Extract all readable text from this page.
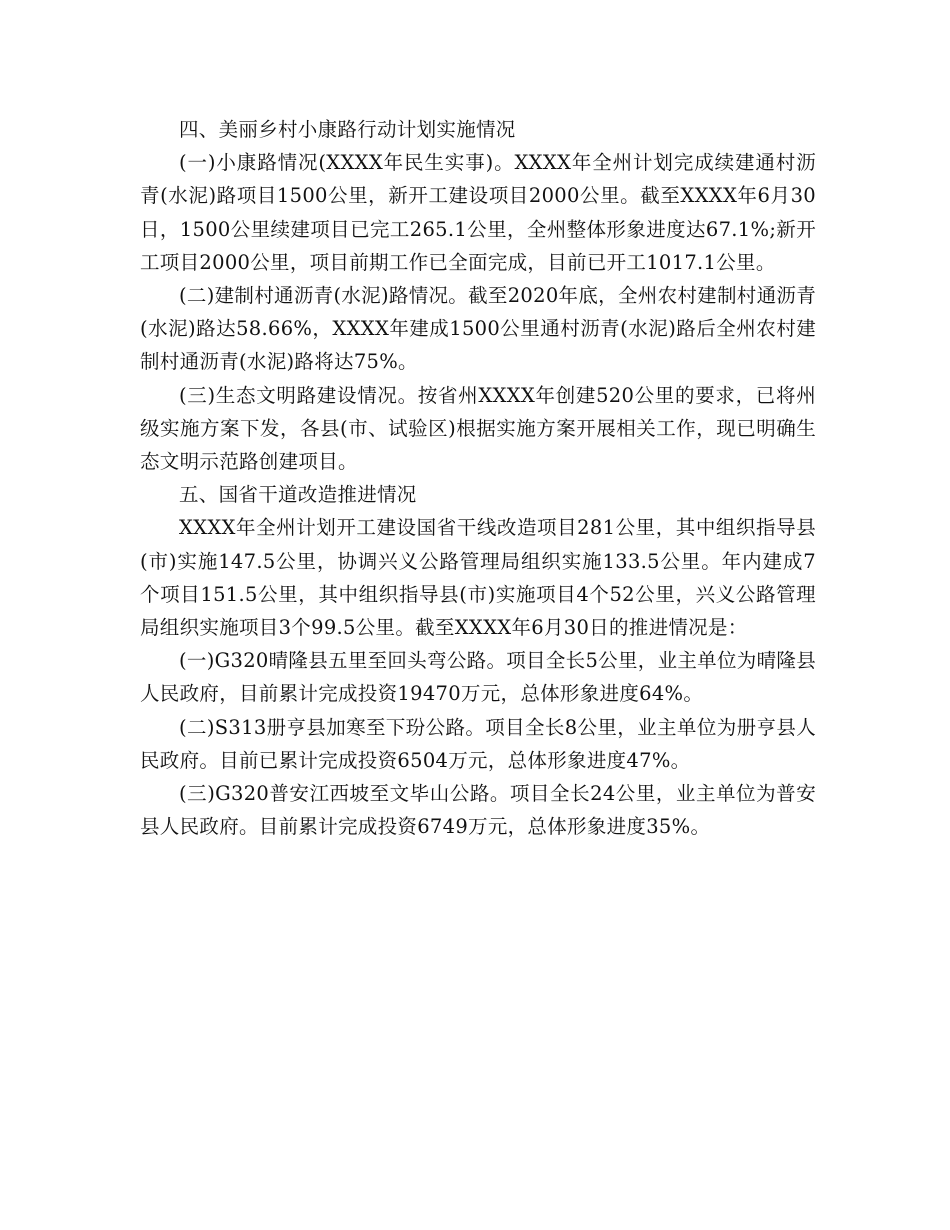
四、美丽乡村小康路行动计划实施情况

(一)小康路情况(XXXX年民生实事)。XXXX年全州计划完成续建通村沥青(水泥)路项目1500公里，新开工建设项目2000公里。截至XXXX年6月30日，1500公里续建项目已完工265.1公里，全州整体形象进度达67.1%;新开工项目2000公里，项目前期工作已全面完成，目前已开工1017.1公里。

(二)建制村通沥青(水泥)路情况。截至2020年底，全州农村建制村通沥青(水泥)路达58.66%，XXXX年建成1500公里通村沥青(水泥)路后全州农村建制村通沥青(水泥)路将达75%。

(三)生态文明路建设情况。按省州XXXX年创建520公里的要求，已将州级实施方案下发，各县(市、试验区)根据实施方案开展相关工作，现已明确生态文明示范路创建项目。

五、国省干道改造推进情况

XXXX年全州计划开工建设国省干线改造项目281公里，其中组织指导县(市)实施147.5公里，协调兴义公路管理局组织实施133.5公里。年内建成7个项目151.5公里，其中组织指导县(市)实施项目4个52公里，兴义公路管理局组织实施项目3个99.5公里。截至XXXX年6月30日的推进情况是：

(一)G320晴隆县五里至回头弯公路。项目全长5公里，业主单位为晴隆县人民政府，目前累计完成投资19470万元，总体形象进度64%。

(二)S313册亨县加寒至下玢公路。项目全长8公里，业主单位为册亨县人民政府。目前已累计完成投资6504万元，总体形象进度47%。

(三)G320普安江西坡至文毕山公路。项目全长24公里，业主单位为普安县人民政府。目前累计完成投资6749万元，总体形象进度35%。
